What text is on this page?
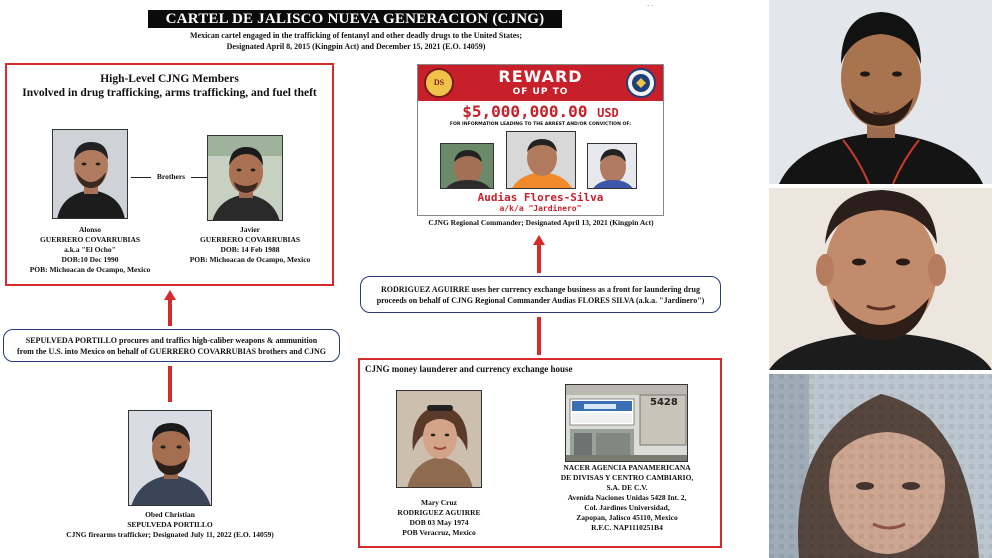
CARTEL DE JALISCO NUEVA GENERACION (CJNG)
Mexican cartel engaged in the trafficking of fentanyl and other deadly drugs to the United States;
Designated April 8, 2015 (Kingpin Act) and December 15, 2021 (E.O. 14059)
` `
High-Level CJNG Members
Involved in drug trafficking, arms trafficking, and fuel theft
Brothers
Alonso
GUERRERO COVARRUBIAS
a.k.a "El Ocho"
DOB:10 Dec 1990
POB: Michoacan de Ocampo, Mexico
Javier
GUERRERO COVARRUBIAS
DOB: 14 Feb 1988
POB: Michoacan de Ocampo, Mexico
SEPULVEDA PORTILLO procures and traffics high-caliber weapons & ammunition
from the U.S. into Mexico on behalf of GUERRERO COVARRUBIAS brothers and CJNG
Obed Christian
SEPULVEDA PORTILLO
CJNG firearms trafficker; Designated July 11, 2022 (E.O. 14059)
DS	REWARD
OF UP TO
$5,000,000.00 USD
FOR INFORMATION LEADING TO THE ARREST AND/OR CONVICTION OF:
Audias Flores-Silva
a/k/a "Jardinero"
CJNG Regional Commander; Designated April 13, 2021 (Kingpin Act)
RODRIGUEZ AGUIRRE uses her currency exchange business as a front for laundering drug
proceeds on behalf of CJNG Regional Commander Audias FLORES SILVA (a.k.a. "Jardinero")
CJNG money launderer and currency exchange house
5428
Mary Cruz
RODRIGUEZ AGUIRRE
DOB 03 May 1974
POB Veracruz, Mexico
NACER AGENCIA PANAMERICANA
DE DIVISAS Y CENTRO CAMBIARIO,
S.A. DE C.V.
Avenida Naciones Unidas 5428 Int. 2,
Col. Jardines Universidad,
Zapopan, Jalisco 45110, Mexico
R.F.C. NAP1110251B4
